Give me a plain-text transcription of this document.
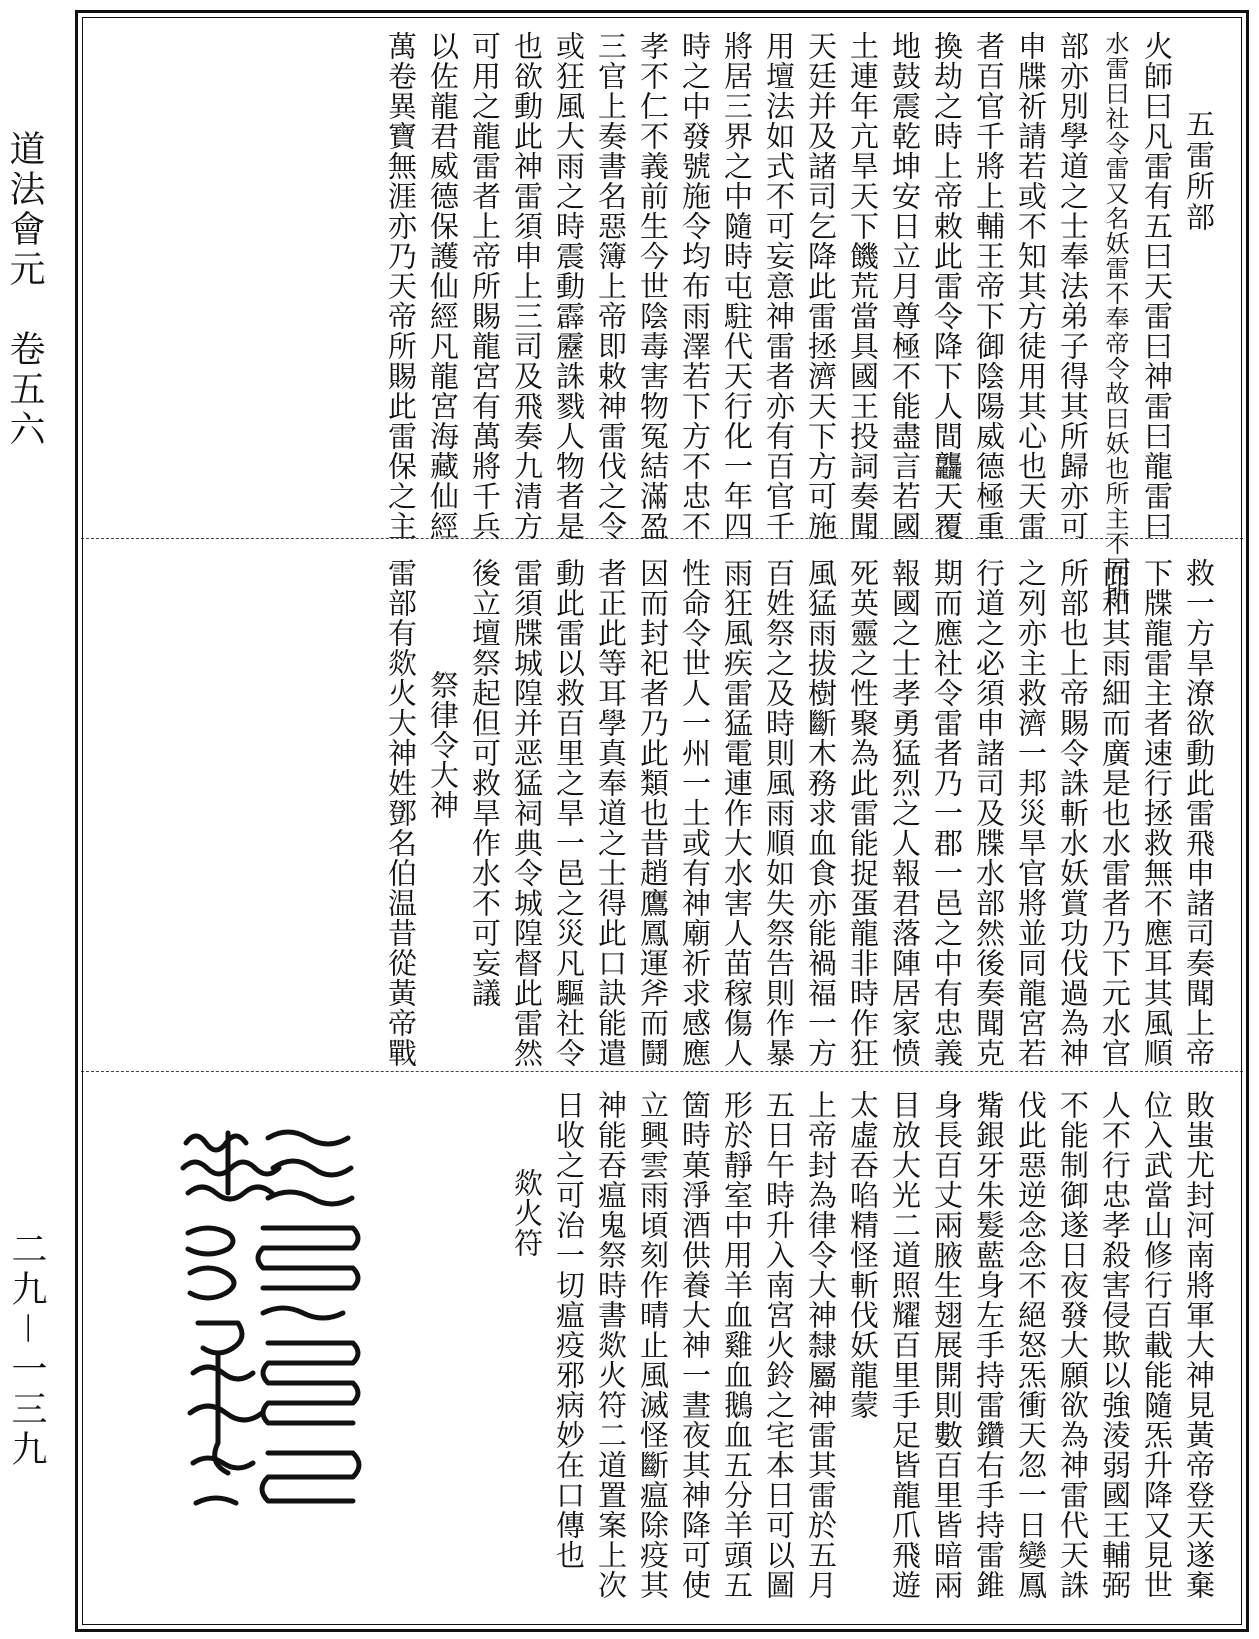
道法會元　卷五六
二九－一三九
五雷所部
火師曰凡雷有五曰天雷曰神雷曰龍雷曰
水雷曰社令雷又名妖雷不奉帝令故曰妖也所主不同所
部亦別學道之士奉法弟子得其所歸亦可
申牒祈請若或不知其方徒用其心也天雷
者百官千將上輔王帝下御陰陽威德極重
換劫之時上帝敕此雷令降下人間龘天覆
地鼓震乾坤安日立月尊極不能盡言若國
土連年亢旱天下饑荒當具國王投詞奏聞
天廷并及諸司乞降此雷拯濟天下方可施
用壇法如式不可妄意神雷者亦有百官千
將居三界之中隨時屯駐代天行化一年四
時之中發號施令均布雨澤若下方不忠不
孝不仁不義前生今世陰毒害物冤結滿盈
三官上奏書名惡簿上帝即敕神雷伐之令
或狂風大雨之時震動霹靂誅戮人物者是
也欲動此神雷須申上三司及飛奏九清方
可用之龍雷者上帝所賜龍宮有萬將千兵
以佐龍君威德保護仙經凡龍宮海藏仙經
萬卷異寶無涯亦乃天帝所賜此雷保之主
救一方旱潦欲動此雷飛申諸司奏聞上帝
下牒龍雷主者速行拯救無不應耳其風順
而和其雨細而廣是也水雷者乃下元水官
所部也上帝賜令誅斬水妖賞功伐過為神
之列亦主救濟一邦災旱官將並同龍宮若
行道之必須申諸司及牒水部然後奏聞克
期而應社令雷者乃一郡一邑之中有忠義
報國之士孝勇猛烈之人報君落陣居家愤
死英靈之性聚為此雷能捉蛋龍非時作狂
風猛雨拔樹斷木務求血食亦能禍福一方
百姓祭之及時則風雨順如失祭告則作暴
雨狂風疾雷猛電連作大水害人苗稼傷人
性命令世人一州一土或有神廟祈求感應
因而封祀者乃此類也昔趙鷹鳳運斧而鬪
者正此等耳學真奉道之士得此口訣能遣
動此雷以救百里之旱一邑之災凡驅社令
雷須牒城隍并恶猛祠典令城隍督此雷然
後立壇祭起但可救旱作水不可妄議
祭律令大神
雷部有欻火大神姓鄧名伯温昔從黃帝戰
敗蚩尤封河南將軍大神見黃帝登天遂棄
位入武當山修行百載能隨炁升降又見世
人不行忠孝殺害侵欺以強淩弱國王輔弼
不能制御遂日夜發大願欲為神雷代天誅
伐此惡逆念念不絕怒炁衝天忽一日變鳳
觜銀牙朱髮藍身左手持雷鑽右手持雷錐
身長百丈兩腋生翅展開則數百里皆暗兩
目放大光二道照耀百里手足皆龍爪飛遊
太虛吞啗精怪斬伐妖龍蒙
上帝封為律令大神隸屬神雷其雷於五月
五日午時升入南宮火鈴之宅本日可以圖
形於靜室中用羊血雞血鵝血五分羊頭五
箇時菓淨酒供養大神一晝夜其神降可使
立興雲雨頃刻作晴止風滅怪斷瘟除疫其
神能吞瘟鬼祭時書欻火符二道置案上次
日收之可治一切瘟疫邪病妙在口傳也
欻火符
